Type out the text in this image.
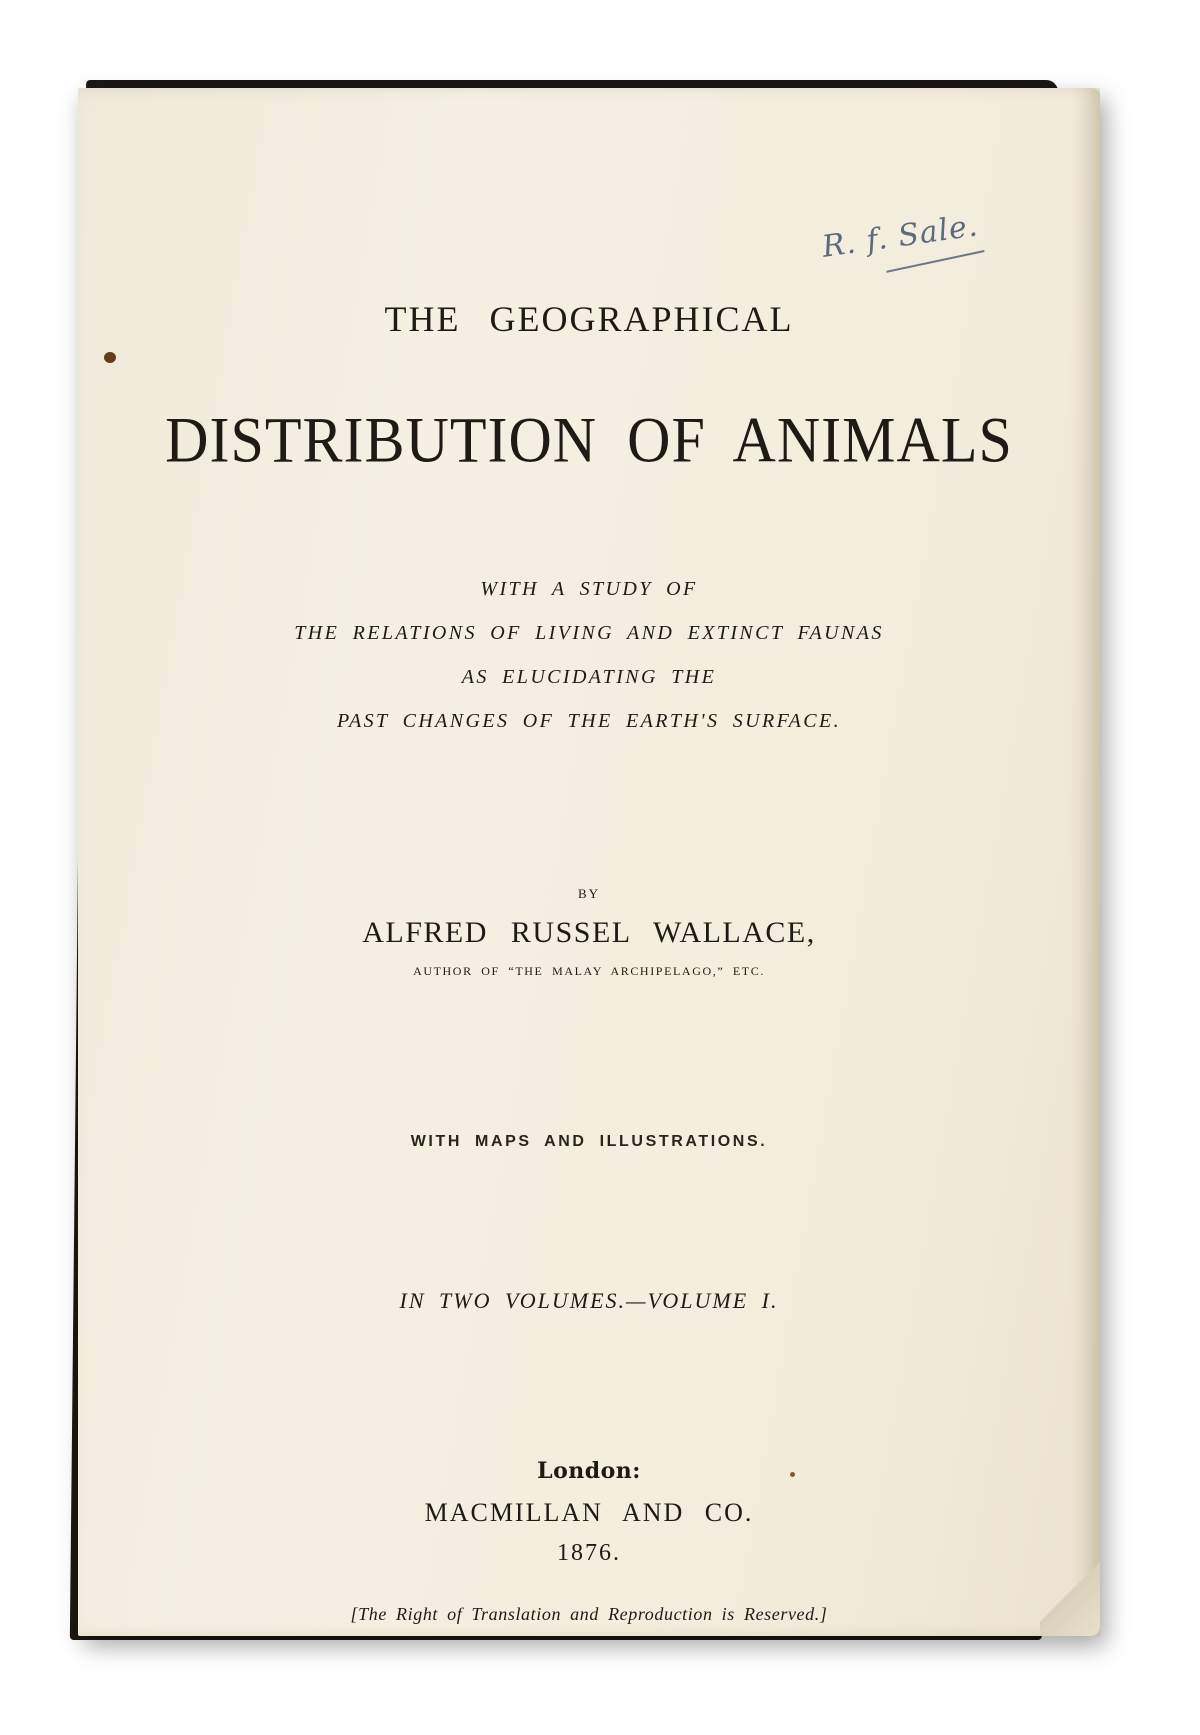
R. f. Sale.
THE GEOGRAPHICAL
DISTRIBUTION OF ANIMALS
WITH A STUDY OF
THE RELATIONS OF LIVING AND EXTINCT FAUNAS
AS ELUCIDATING THE
PAST CHANGES OF THE EARTH'S SURFACE.
BY
ALFRED RUSSEL WALLACE,
AUTHOR OF “THE MALAY ARCHIPELAGO,” ETC.
WITH MAPS AND ILLUSTRATIONS.
IN TWO VOLUMES.—VOLUME I.
London:
MACMILLAN AND CO.
1876.
[The Right of Translation and Reproduction is Reserved.]
